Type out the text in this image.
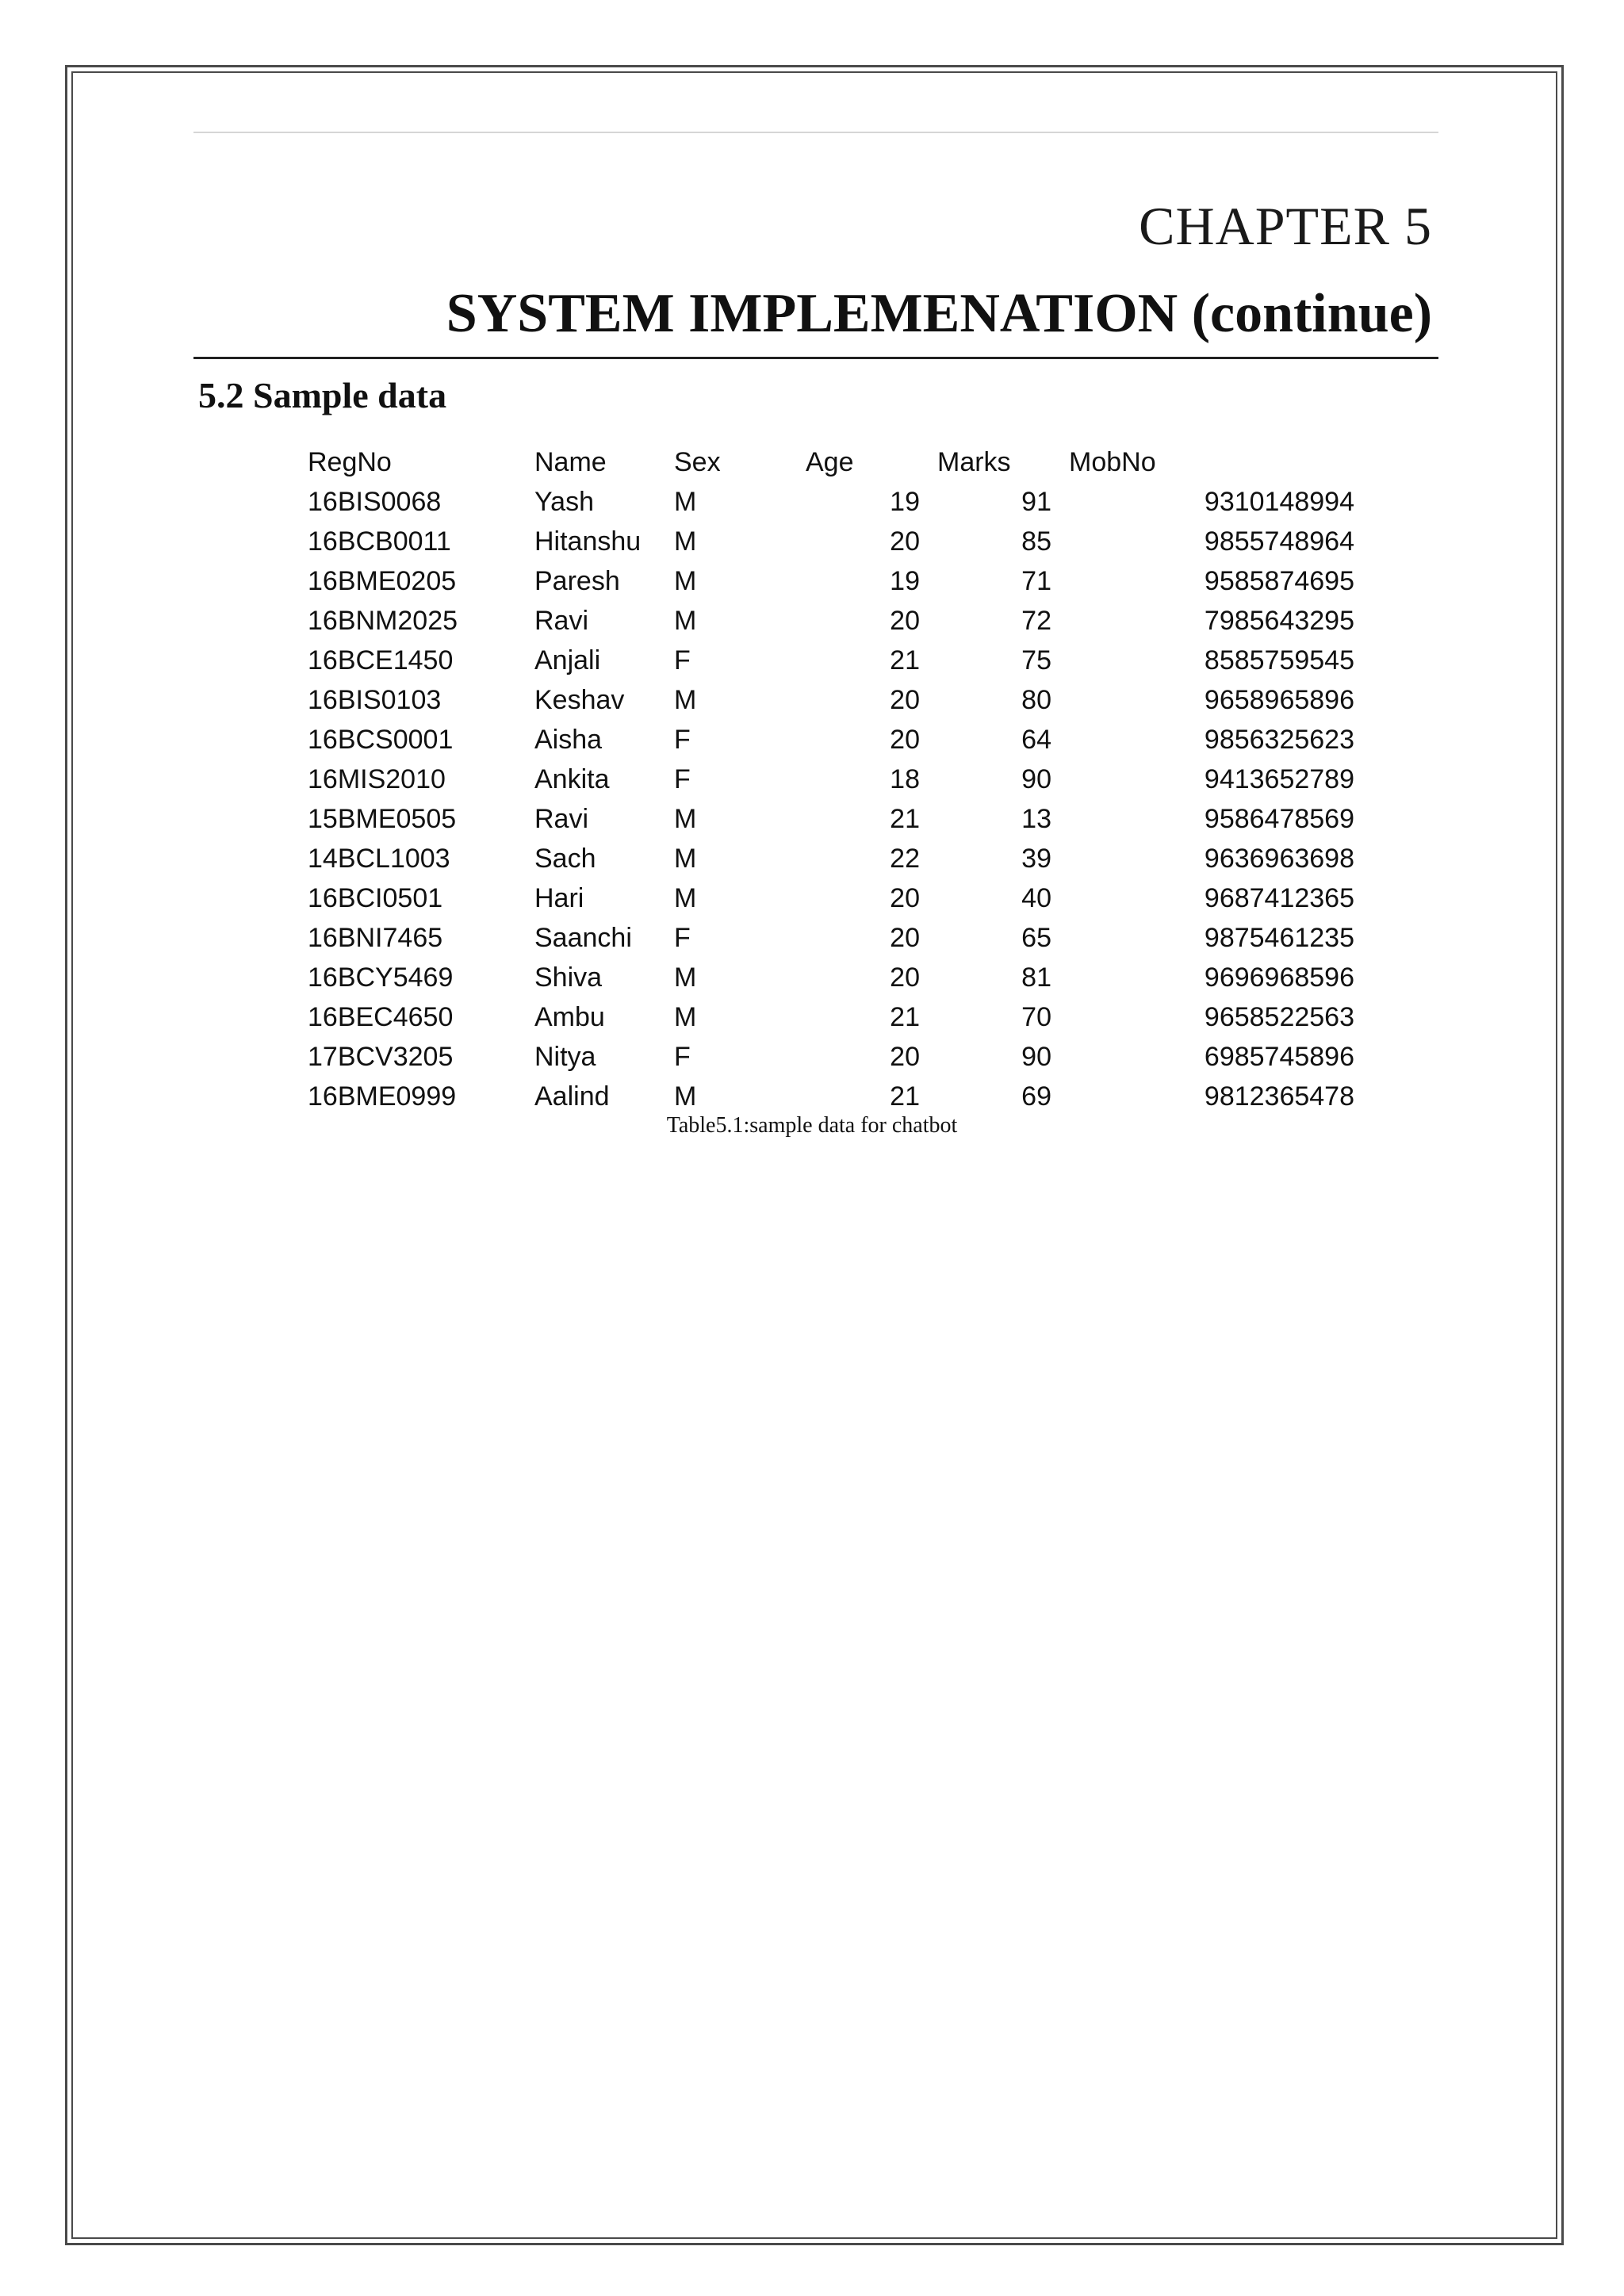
CHAPTER 5
SYSTEM IMPLEMENATION (continue)
5.2 Sample data
RegNo	Name	Sex	Age	Marks	MobNo
16BIS0068	Yash	M	19	91	9310148994
16BCB0011	Hitanshu	M	20	85	9855748964
16BME0205	Paresh	M	19	71	9585874695
16BNM2025	Ravi	M	20	72	7985643295
16BCE1450	Anjali	F	21	75	8585759545
16BIS0103	Keshav	M	20	80	9658965896
16BCS0001	Aisha	F	20	64	9856325623
16MIS2010	Ankita	F	18	90	9413652789
15BME0505	Ravi	M	21	13	9586478569
14BCL1003	Sach	M	22	39	9636963698
16BCI0501	Hari	M	20	40	9687412365
16BNI7465	Saanchi	F	20	65	9875461235
16BCY5469	Shiva	M	20	81	9696968596
16BEC4650	Ambu	M	21	70	9658522563
17BCV3205	Nitya	F	20	90	6985745896
16BME0999	Aalind	M	21	69	9812365478
Table5.1:sample data for chatbot
